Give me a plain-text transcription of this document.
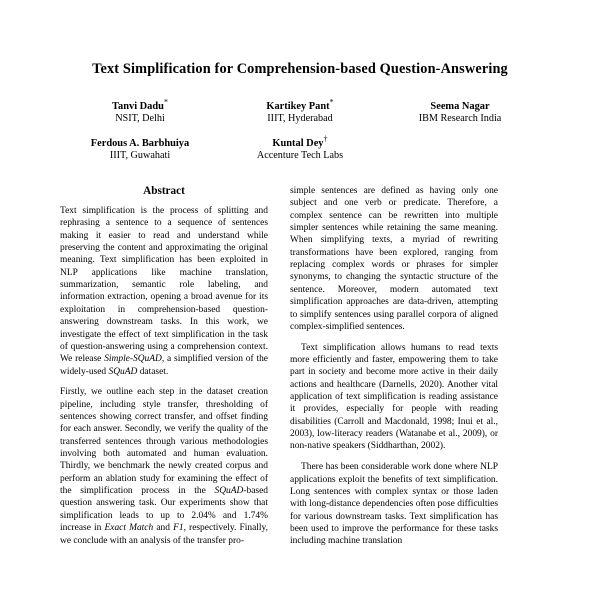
Text Simplification for Comprehension-based Question-Answering
Tanvi Dadu*
NSIT, Delhi
Kartikey Pant*
IIIT, Hyderabad
Seema Nagar
IBM Research India
Ferdous A. Barbhuiya
IIIT, Guwahati
Kuntal Dey†
Accenture Tech Labs
Abstract

Text simplification is the process of splitting and rephrasing a sentence to a sequence of sentences making it easier to read and understand while preserving the content and approximating the original meaning. Text simplification has been exploited in NLP applications like machine translation, summarization, semantic role labeling, and information extraction, opening a broad avenue for its exploitation in comprehension-based question-answering downstream tasks. In this work, we investigate the effect of text simplification in the task of question-answering using a comprehension context. We release Simple-SQuAD, a simplified version of the widely-used SQuAD dataset.

Firstly, we outline each step in the dataset creation pipeline, including style transfer, thresholding of sentences showing correct transfer, and offset finding for each answer. Secondly, we verify the quality of the transferred sentences through various methodologies involving both automated and human evaluation. Thirdly, we benchmark the newly created corpus and perform an ablation study for examining the effect of the simplification process in the SQuAD-based question answering task. Our experiments show that simplification leads to up to 2.04% and 1.74% increase in Exact Match and F1, respectively. Finally, we conclude with an analysis of the transfer pro-

simple sentences are defined as having only one subject and one verb or predicate. Therefore, a complex sentence can be rewritten into multiple simpler sentences while retaining the same meaning. When simplifying texts, a myriad of rewriting transformations have been explored, ranging from replacing complex words or phrases for simpler synonyms, to changing the syntactic structure of the sentence. Moreover, modern automated text simplification approaches are data-driven, attempting to simplify sentences using parallel corpora of aligned complex-simplified sentences.

Text simplification allows humans to read texts more efficiently and faster, empowering them to take part in society and become more active in their daily actions and healthcare (Darnells, 2020). Another vital application of text simplification is reading assistance it provides, especially for people with reading disabilities (Carroll and Macdonald, 1998; Inui et al., 2003), low-literacy readers (Watanabe et al., 2009), or non-native speakers (Siddharthan, 2002).

There has been considerable work done where NLP applications exploit the benefits of text simplification. Long sentences with complex syntax or those laden with long-distance dependencies often pose difficulties for various downstream tasks. Text simplification has been used to improve the performance for these tasks including machine translation
